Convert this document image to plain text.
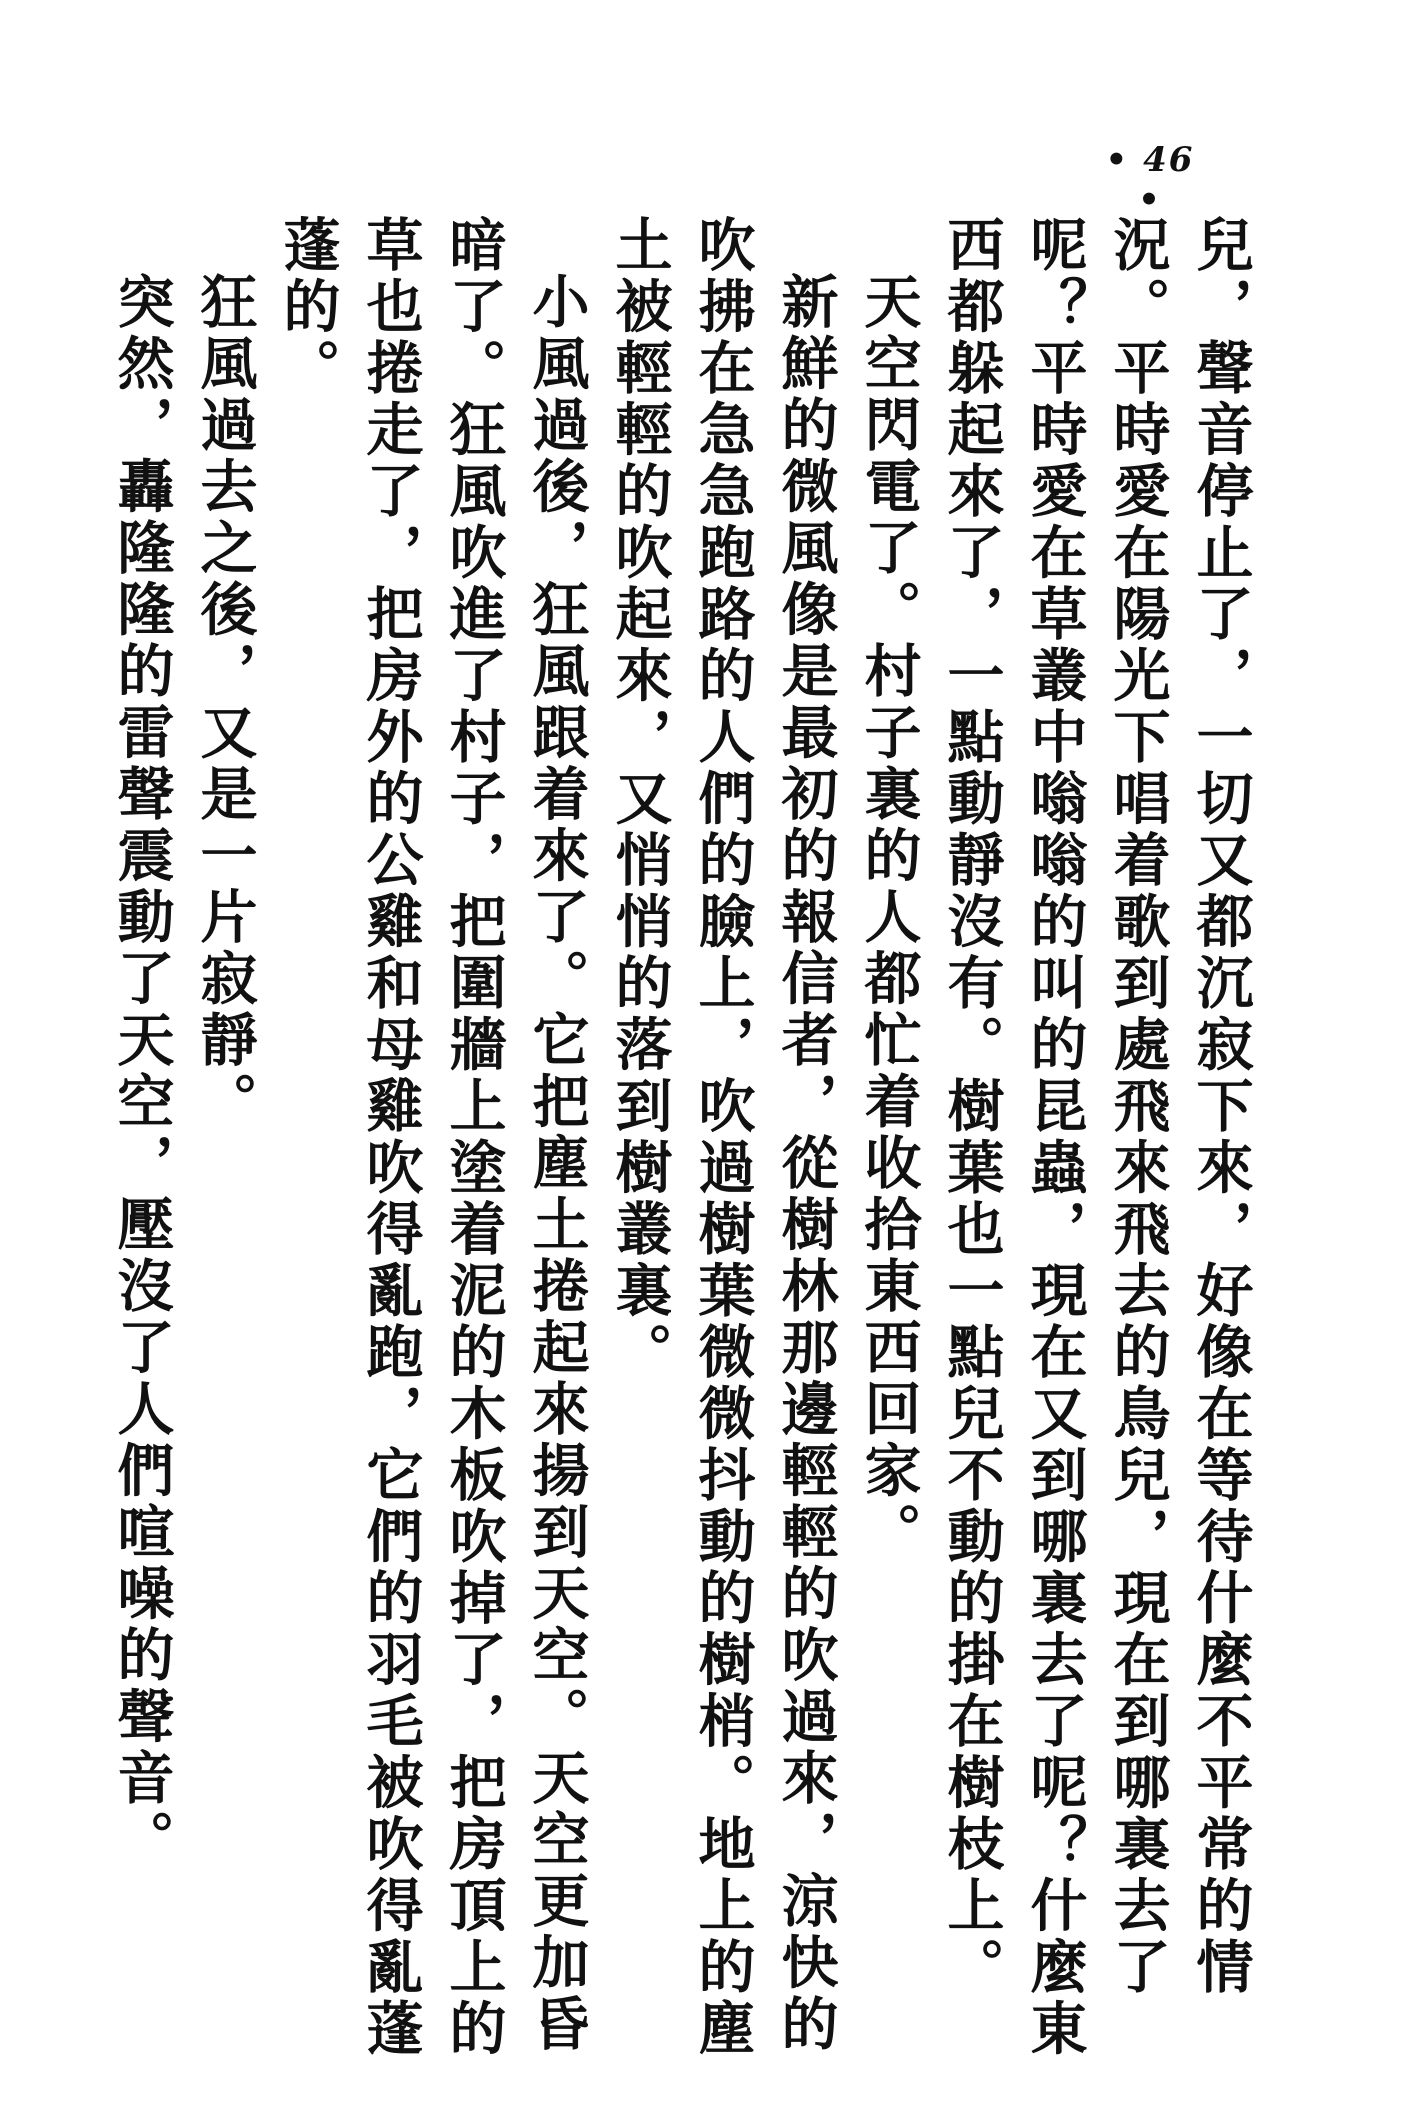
• 46 •

兒，聲音停止了，一切又都沉寂下來，好像在等待什麼不平常的情況。平時愛在陽光下唱着歌到處飛來飛去的鳥兒，現在到哪裏去了呢？平時愛在草叢中嗡嗡的叫的昆蟲，現在又到哪裏去了呢？什麼東西都躲起來了，一點動靜沒有。樹葉也一點兒不動的掛在樹枝上。

天空閃電了。村子裏的人都忙着收拾東西回家。

新鮮的微風像是最初的報信者，從樹林那邊輕輕的吹過來，涼快的吹拂在急急跑路的人們的臉上，吹過樹葉微微抖動的樹梢。地上的塵土被輕輕的吹起來，又悄悄的落到樹叢裏。

小風過後，狂風跟着來了。它把塵土捲起來揚到天空。天空更加昏暗了。狂風吹進了村子，把圍牆上塗着泥的木板吹掉了，把房頂上的草也捲走了，把房外的公雞和母雞吹得亂跑，它們的羽毛被吹得亂蓬蓬的。

狂風過去之後，又是一片寂靜。

突然，轟隆隆的雷聲震動了天空，壓沒了人們喧噪的聲音。
